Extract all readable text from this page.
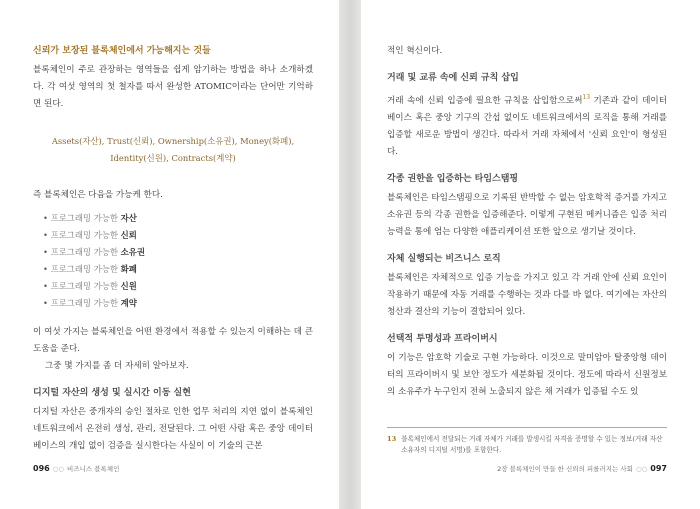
신뢰가 보장된 블록체인에서 가능해지는 것들

블록체인이 주로 관장하는 영역들을 쉽게 암기하는 방법을 하나 소개하겠다. 각 여섯 영역의 첫 철자를 따서 완성한 ATOMIC이라는 단어만 기억하면 된다.

Assets(자산), Trust(신뢰), Ownership(소유권), Money(화폐),

Identity(신원), Contracts(계약)

즉 블록체인은 다음을 가능케 한다.

• 프로그래밍 가능한 자산
• 프로그래밍 가능한 신뢰
• 프로그래밍 가능한 소유권
• 프로그래밍 가능한 화폐
• 프로그래밍 가능한 신원
• 프로그래밍 가능한 계약

이 여섯 가지는 블록체인을 어떤 환경에서 적용할 수 있는지 이해하는 데 큰 도움을 준다.

그중 몇 가지를 좀 더 자세히 알아보자.

디지털 자산의 생성 및 실시간 이동 실현

디지털 자산은 중개자의 승인 절차로 인한 업무 처리의 지연 없이 블록체인 네트워크에서 온전히 생성, 관리, 전달된다. 그 어떤 사람 혹은 중앙 데이터베이스의 개입 없이 검증을 실시한다는 사실이 이 기술의 근본

096 ○○ 비즈니스 블록체인

적인 혁신이다.

거래 및 교류 속에 신뢰 규칙 삽입

거래 속에 신뢰 입증에 필요한 규칙을 삽입함으로써$^{13}$ 기존과 같이 데이터베이스 혹은 중앙 기구의 간섭 없이도 네트워크에서의 로직을 통해 거래를 입증할 새로운 방법이 생긴다. 따라서 거래 자체에서 '신뢰 요인'이 형성된다.

각종 권한을 입증하는 타임스탬핑

블록체인은 타임스탬핑으로 기록된 반박할 수 없는 암호학적 증거를 가지고 소유권 등의 각종 권한을 입증해준다. 이렇게 구현된 메커니즘은 입증 처리 능력을 통에 엄는 다양한 애플리케이션 또한 앞으로 생기날 것이다.

자체 실행되는 비즈니스 로직

블록체인은 자체적으로 입증 기능을 가지고 있고 각 거래 안에 신뢰 요인이 작용하기 때문에 자동 거래를 수행하는 것과 다를 바 없다. 여기에는 자산의 청산과 결산의 기능이 결합되어 있다.

선택적 투명성과 프라이버시

이 기능은 암호학 기술로 구현 가능하다. 이것으로 말미암아 탈중앙형 데이터의 프라이버시 및 보안 정도가 세분화될 것이다. 정도에 따라서 신원정보의 소유주가 누구인지 전혀 노출되지 않은 채 거래가 입증될 수도 있

13 블록체인에서 전달되는 거래 자체가 거래를 발생시킬 자격을 증명할 수 있는 정보(거래 자산 소유자의 디지털 서명)를 포함한다.
2장 블록체인이 만들 한 신뢰의 피를러지는 사회 ○○ 097
